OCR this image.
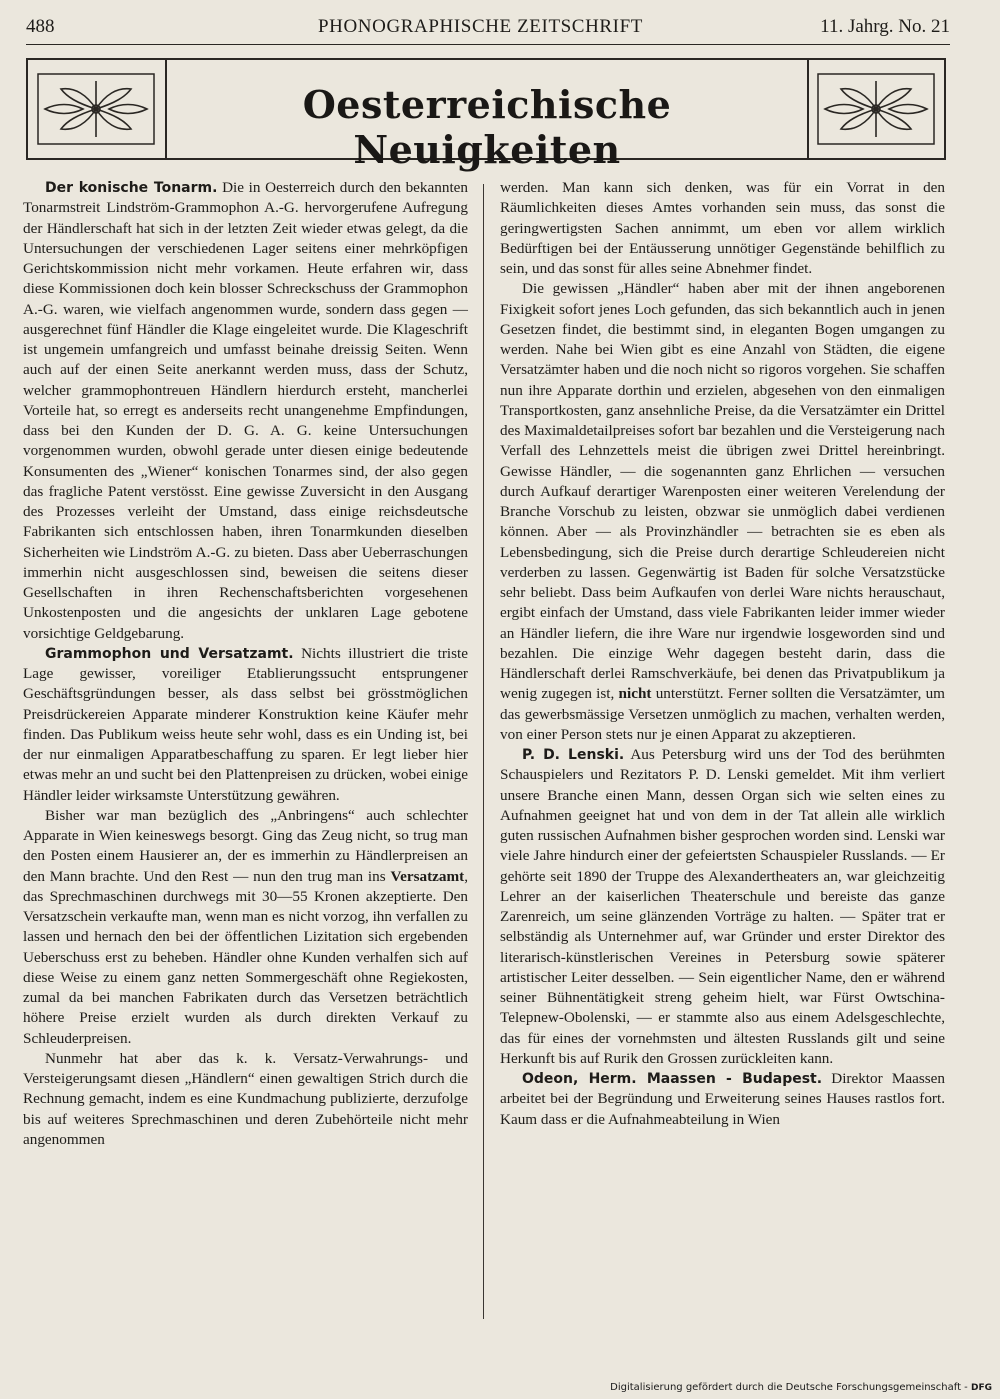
488	PHONOGRAPHISCHE ZEITSCHRIFT	11. Jahrg. No. 21
Oesterreichische Neuigkeiten

Der konische Tonarm. Die in Oesterreich durch den bekannten Tonarmstreit Lindström-Grammophon A.-G. hervorgerufene Aufregung der Händlerschaft hat sich in der letzten Zeit wieder etwas gelegt, da die Untersuchungen der verschiedenen Lager seitens einer mehrköpfigen Gerichtskommission nicht mehr vorkamen. Heute erfahren wir, dass diese Kommissionen doch kein blosser Schreckschuss der Grammophon A.-G. waren, wie vielfach angenommen wurde, sondern dass gegen — ausgerechnet fünf Händler die Klage eingeleitet wurde. Die Klageschrift ist ungemein umfangreich und umfasst beinahe dreissig Seiten. Wenn auch auf der einen Seite anerkannt werden muss, dass der Schutz, welcher grammophontreuen Händlern hierdurch ersteht, mancherlei Vorteile hat, so erregt es anderseits recht unangenehme Empfindungen, dass bei den Kunden der D. G. A. G. keine Untersuchungen vorgenommen wurden, obwohl gerade unter diesen einige bedeutende Konsumenten des „Wiener“ konischen Tonarmes sind, der also gegen das fragliche Patent verstösst. Eine gewisse Zuversicht in den Ausgang des Prozesses verleiht der Umstand, dass einige reichsdeutsche Fabrikanten sich entschlossen haben, ihren Tonarmkunden dieselben Sicherheiten wie Lindström A.-G. zu bieten. Dass aber Ueberraschungen immerhin nicht ausgeschlossen sind, beweisen die seitens dieser Gesellschaften in ihren Rechenschaftsberichten vorgesehenen Unkostenposten und die angesichts der unklaren Lage gebotene vorsichtige Geldgebarung.

Grammophon und Versatzamt. Nichts illustriert die triste Lage gewisser, voreiliger Etablierungssucht entsprungener Geschäftsgründungen besser, als dass selbst bei grösstmöglichen Preisdrückereien Apparate minderer Konstruktion keine Käufer mehr finden. Das Publikum weiss heute sehr wohl, dass es ein Unding ist, bei der nur einmaligen Apparatbeschaffung zu sparen. Er legt lieber hier etwas mehr an und sucht bei den Plattenpreisen zu drücken, wobei einige Händler leider wirksamste Unterstützung gewähren.

Bisher war man bezüglich des „Anbringens“ auch schlechter Apparate in Wien keineswegs besorgt. Ging das Zeug nicht, so trug man den Posten einem Hausierer an, der es immerhin zu Händlerpreisen an den Mann brachte. Und den Rest — nun den trug man ins Versatzamt, das Sprechmaschinen durchwegs mit 30—55 Kronen akzeptierte. Den Versatzschein verkaufte man, wenn man es nicht vorzog, ihn verfallen zu lassen und hernach den bei der öffentlichen Lizitation sich ergebenden Ueberschuss erst zu beheben. Händler ohne Kunden verhalfen sich auf diese Weise zu einem ganz netten Sommergeschäft ohne Regiekosten, zumal da bei manchen Fabrikaten durch das Versetzen beträchtlich höhere Preise erzielt wurden als durch direkten Verkauf zu Schleuderpreisen.

Nunmehr hat aber das k. k. Versatz-Verwahrungs- und Versteigerungsamt diesen „Händlern“ einen gewaltigen Strich durch die Rechnung gemacht, indem es eine Kundmachung publizierte, derzufolge bis auf weiteres Sprechmaschinen und deren Zubehörteile nicht mehr angenommen

werden. Man kann sich denken, was für ein Vorrat in den Räumlichkeiten dieses Amtes vorhanden sein muss, das sonst die geringwertigsten Sachen annimmt, um eben vor allem wirklich Bedürftigen bei der Entäusserung unnötiger Gegenstände behilflich zu sein, und das sonst für alles seine Abnehmer findet.

Die gewissen „Händler“ haben aber mit der ihnen angeborenen Fixigkeit sofort jenes Loch gefunden, das sich bekanntlich auch in jenen Gesetzen findet, die bestimmt sind, in eleganten Bogen umgangen zu werden. Nahe bei Wien gibt es eine Anzahl von Städten, die eigene Versatzämter haben und die noch nicht so rigoros vorgehen. Sie schaffen nun ihre Apparate dorthin und erzielen, abgesehen von den einmaligen Transportkosten, ganz ansehnliche Preise, da die Versatzämter ein Drittel des Maximaldetailpreises sofort bar bezahlen und die Versteigerung nach Verfall des Lehnzettels meist die übrigen zwei Drittel hereinbringt. Gewisse Händler, — die sogenannten ganz Ehrlichen — versuchen durch Aufkauf derartiger Warenposten einer weiteren Verelendung der Branche Vorschub zu leisten, obzwar sie unmöglich dabei verdienen können. Aber — als Provinzhändler — betrachten sie es eben als Lebensbedingung, sich die Preise durch derartige Schleudereien nicht verderben zu lassen. Gegenwärtig ist Baden für solche Versatzstücke sehr beliebt. Dass beim Aufkaufen von derlei Ware nichts herauschaut, ergibt einfach der Umstand, dass viele Fabrikanten leider immer wieder an Händler liefern, die ihre Ware nur irgendwie losgeworden sind und bezahlen. Die einzige Wehr dagegen besteht darin, dass die Händlerschaft derlei Ramschverkäufe, bei denen das Privatpublikum ja wenig zugegen ist, nicht unterstützt. Ferner sollten die Versatzämter, um das gewerbsmässige Versetzen unmöglich zu machen, verhalten werden, von einer Person stets nur je einen Apparat zu akzeptieren.

P. D. Lenski. Aus Petersburg wird uns der Tod des berühmten Schauspielers und Rezitators P. D. Lenski gemeldet. Mit ihm verliert unsere Branche einen Mann, dessen Organ sich wie selten eines zu Aufnahmen geeignet hat und von dem in der Tat allein alle wirklich guten russischen Aufnahmen bisher gesprochen worden sind. Lenski war viele Jahre hindurch einer der gefeiertsten Schauspieler Russlands. — Er gehörte seit 1890 der Truppe des Alexandertheaters an, war gleichzeitig Lehrer an der kaiserlichen Theaterschule und bereiste das ganze Zarenreich, um seine glänzenden Vorträge zu halten. — Später trat er selbständig als Unternehmer auf, war Gründer und erster Direktor des literarisch-künstlerischen Vereines in Petersburg sowie späterer artistischer Leiter desselben. — Sein eigentlicher Name, den er während seiner Bühnentätigkeit streng geheim hielt, war Fürst Owtschina-Telepnew-Obolenski, — er stammte also aus einem Adelsgeschlechte, das für eines der vornehmsten und ältesten Russlands gilt und seine Herkunft bis auf Rurik den Grossen zurückleiten kann.

Odeon, Herm. Maassen - Budapest. Direktor Maassen arbeitet bei der Begründung und Erweiterung seines Hauses rastlos fort. Kaum dass er die Aufnahmeabteilung in Wien

Digitalisierung gefördert durch die Deutsche Forschungsgemeinschaft - DFG
